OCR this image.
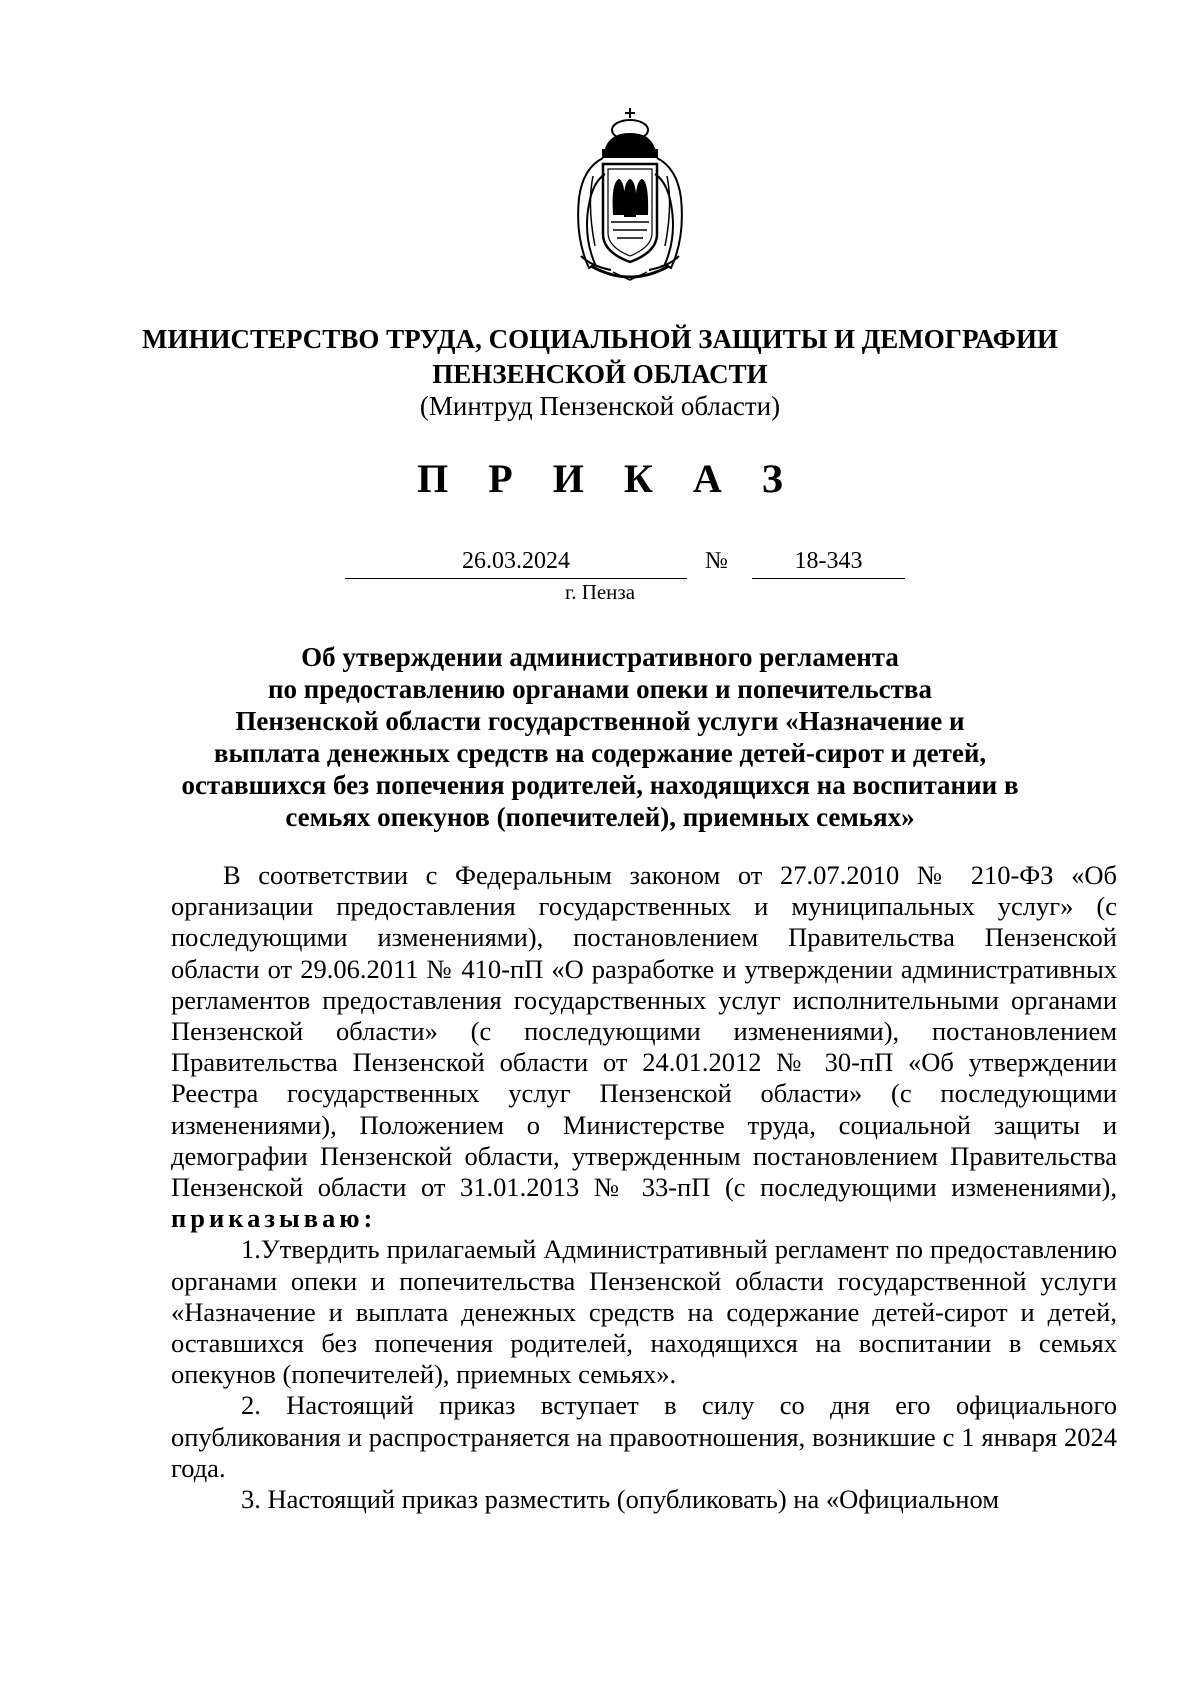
МИНИСТЕРСТВО ТРУДА, СОЦИАЛЬНОЙ ЗАЩИТЫ И ДЕМОГРАФИИ
ПЕНЗЕНСКОЙ ОБЛАСТИ
(Минтруд Пензенской области)
П Р И К А З
26.03.2024	№	18-343
г. Пенза
Об утверждении административного регламента
по предоставлению органами опеки и попечительства
Пензенской области государственной услуги «Назначение и
выплата денежных средств на содержание детей-сирот и детей,
оставшихся без попечения родителей, находящихся на воспитании в
семьях опекунов (попечителей), приемных семьях»

В соответствии с Федеральным законом от 27.07.2010 № 210-ФЗ «Об организации предоставления государственных и муниципальных услуг» (с последующими изменениями), постановлением Правительства Пензенской области от 29.06.2011 № 410-пП «О разработке и утверждении административных регламентов предоставления государственных услуг исполнительными органами Пензенской области» (с последующими изменениями), постановлением Правительства Пензенской области от 24.01.2012 № 30-пП «Об утверждении Реестра государственных услуг Пензенской области» (с последующими изменениями), Положением о Министерстве труда, социальной защиты и демографии Пензенской области, утвержденным постановлением Правительства Пензенской области от 31.01.2013 № 33-пП (с последующими изменениями), приказываю:

1.Утвердить прилагаемый Административный регламент по предоставлению органами опеки и попечительства Пензенской области государственной услуги «Назначение и выплата денежных средств на содержание детей-сирот и детей, оставшихся без попечения родителей, находящихся на воспитании в семьях опекунов (попечителей), приемных семьях».

2. Настоящий приказ вступает в силу со дня его официального опубликования и распространяется на правоотношения, возникшие с 1 января 2024 года.

3. Настоящий приказ разместить (опубликовать) на «Официальном
